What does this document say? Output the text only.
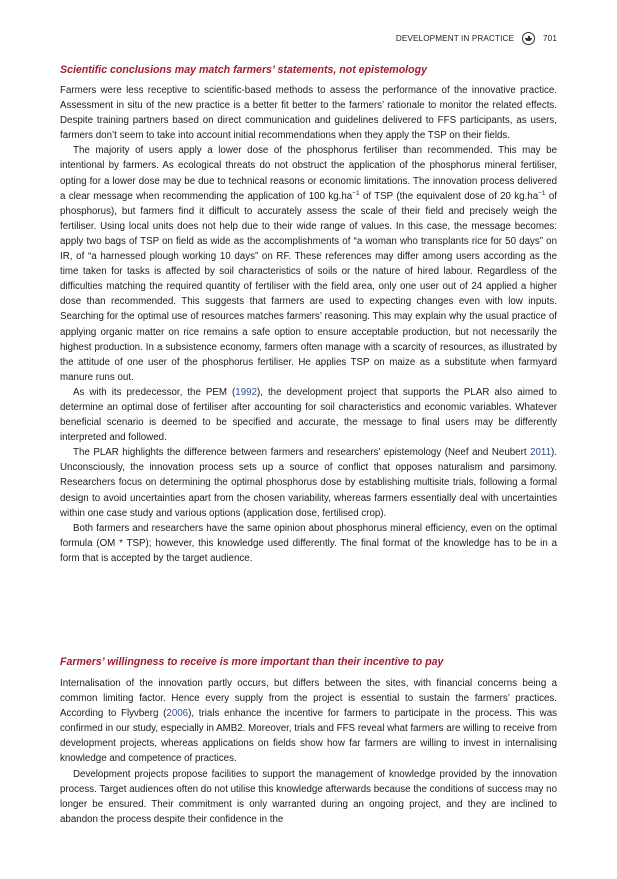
DEVELOPMENT IN PRACTICE	701
Scientific conclusions may match farmers’ statements, not epistemology

Farmers were less receptive to scientific-based methods to assess the performance of the innovative practice. Assessment in situ of the new practice is a better fit better to the farmers’ rationale to monitor the related effects. Despite training partners based on direct communication and guidelines delivered to FFS participants, as users, farmers don’t seem to take into account initial recommendations when they apply the TSP on their fields.

The majority of users apply a lower dose of the phosphorus fertiliser than recommended. This may be intentional by farmers. As ecological threats do not obstruct the application of the phosphorus mineral fertiliser, opting for a lower dose may be due to technical reasons or economic limitations. The innovation process delivered a clear message when recommending the application of 100 $kg.ha^{-1}$ of TSP (the equivalent dose of 20 $kg.ha^{-1}$ of phosphorus), but farmers find it difficult to accurately assess the scale of their field and precisely weigh the fertiliser. Using local units does not help due to their wide range of values. In this case, the message becomes: apply two bags of TSP on field as wide as the accomplishments of “a woman who transplants rice for 50 days” on IR, of “a harnessed plough working 10 days” on RF. These references may differ among users according as the time taken for tasks is affected by soil characteristics of soils or the nature of hired labour. Regardless of the difficulties matching the required quantity of fertiliser with the field area, only one user out of 24 applied a higher dose than recommended. This suggests that farmers are used to expecting changes even with low inputs. Searching for the optimal use of resources matches farmers’ reasoning. This may explain why the usual practice of applying organic matter on rice remains a safe option to ensure acceptable production, but not necessarily the highest production. In a subsistence economy, farmers often manage with a scarcity of resources, as illustrated by the attitude of one user of the phosphorus fertiliser. He applies TSP on maize as a substitute when farmyard manure runs out.

As with its predecessor, the PEM (1992), the development project that supports the PLAR also aimed to determine an optimal dose of fertiliser after accounting for soil characteristics and economic variables. Whatever beneficial scenario is deemed to be specified and accurate, the message to final users may be differently interpreted and followed.

The PLAR highlights the difference between farmers and researchers’ epistemology (Neef and Neubert 2011). Unconsciously, the innovation process sets up a source of conflict that opposes naturalism and parsimony. Researchers focus on determining the optimal phosphorus dose by establishing multisite trials, following a formal design to avoid uncertainties apart from the chosen variability, whereas farmers essentially deal with uncertainties within one case study and various options (application dose, fertilised crop).

Both farmers and researchers have the same opinion about phosphorus mineral efficiency, even on the optimal formula (OM * TSP); however, this knowledge used differently. The final format of the knowledge has to be in a form that is accepted by the target audience.

Farmers’ willingness to receive is more important than their incentive to pay

Internalisation of the innovation partly occurs, but differs between the sites, with financial concerns being a common limiting factor. Hence every supply from the project is essential to sustain the farmers’ practices. According to Flyvberg (2006), trials enhance the incentive for farmers to participate in the process. This was confirmed in our study, especially in AMB2. Moreover, trials and FFS reveal what farmers are willing to receive from development projects, whereas applications on fields show how far farmers are willing to invest in internalising knowledge and competence of practices.

Development projects propose facilities to support the management of knowledge provided by the innovation process. Target audiences often do not utilise this knowledge afterwards because the conditions of success may no longer be ensured. Their commitment is only warranted during an ongoing project, and they are inclined to abandon the process despite their confidence in the
